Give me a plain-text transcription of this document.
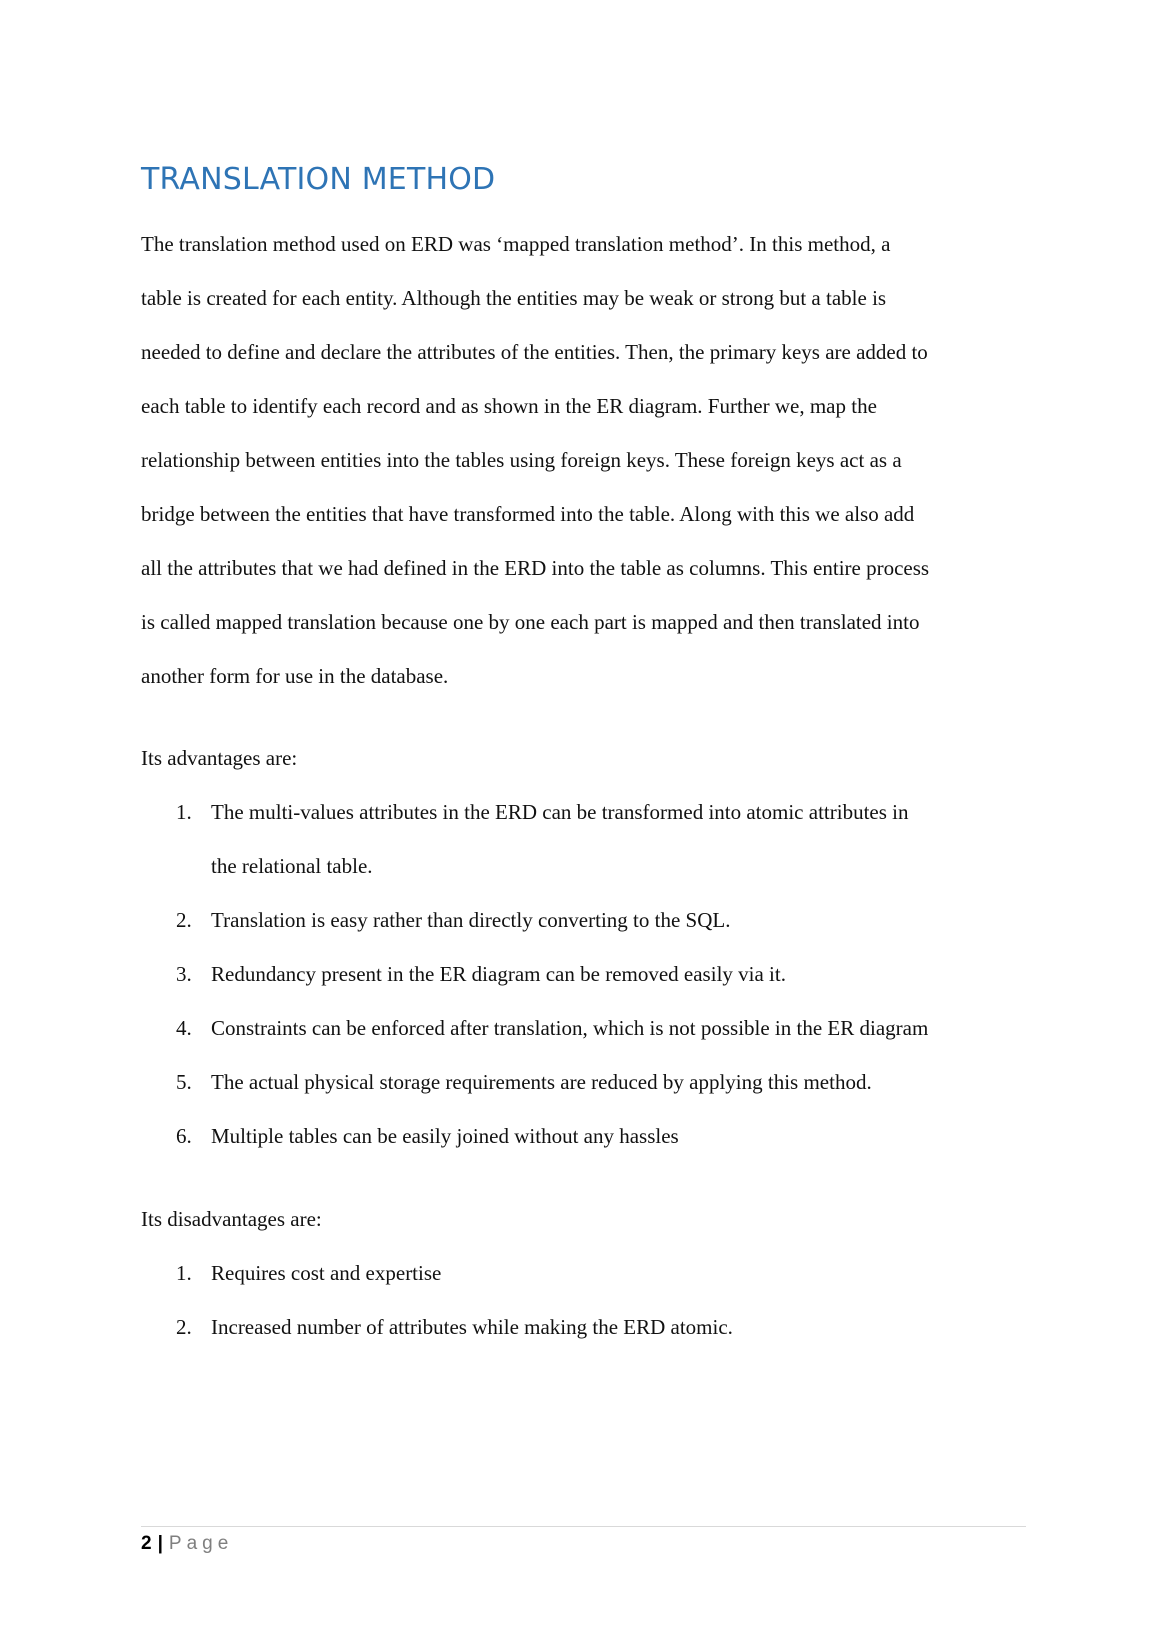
TRANSLATION METHOD

The translation method used on ERD was ‘mapped translation method’. In this method, a
table is created for each entity. Although the entities may be weak or strong but a table is
needed to define and declare the attributes of the entities. Then, the primary keys are added to
each table to identify each record and as shown in the ER diagram. Further we, map the
relationship between entities into the tables using foreign keys. These foreign keys act as a
bridge between the entities that have transformed into the table. Along with this we also add
all the attributes that we had defined in the ERD into the table as columns. This entire process
is called mapped translation because one by one each part is mapped and then translated into
another form for use in the database.

Its advantages are:

1. The multi-values attributes in the ERD can be transformed into atomic attributes in
the relational table.
2. Translation is easy rather than directly converting to the SQL.
3. Redundancy present in the ER diagram can be removed easily via it.
4. Constraints can be enforced after translation, which is not possible in the ER diagram
5. The actual physical storage requirements are reduced by applying this method.
6. Multiple tables can be easily joined without any hassles

Its disadvantages are:

1. Requires cost and expertise
2. Increased number of attributes while making the ERD atomic.
2 | Page
